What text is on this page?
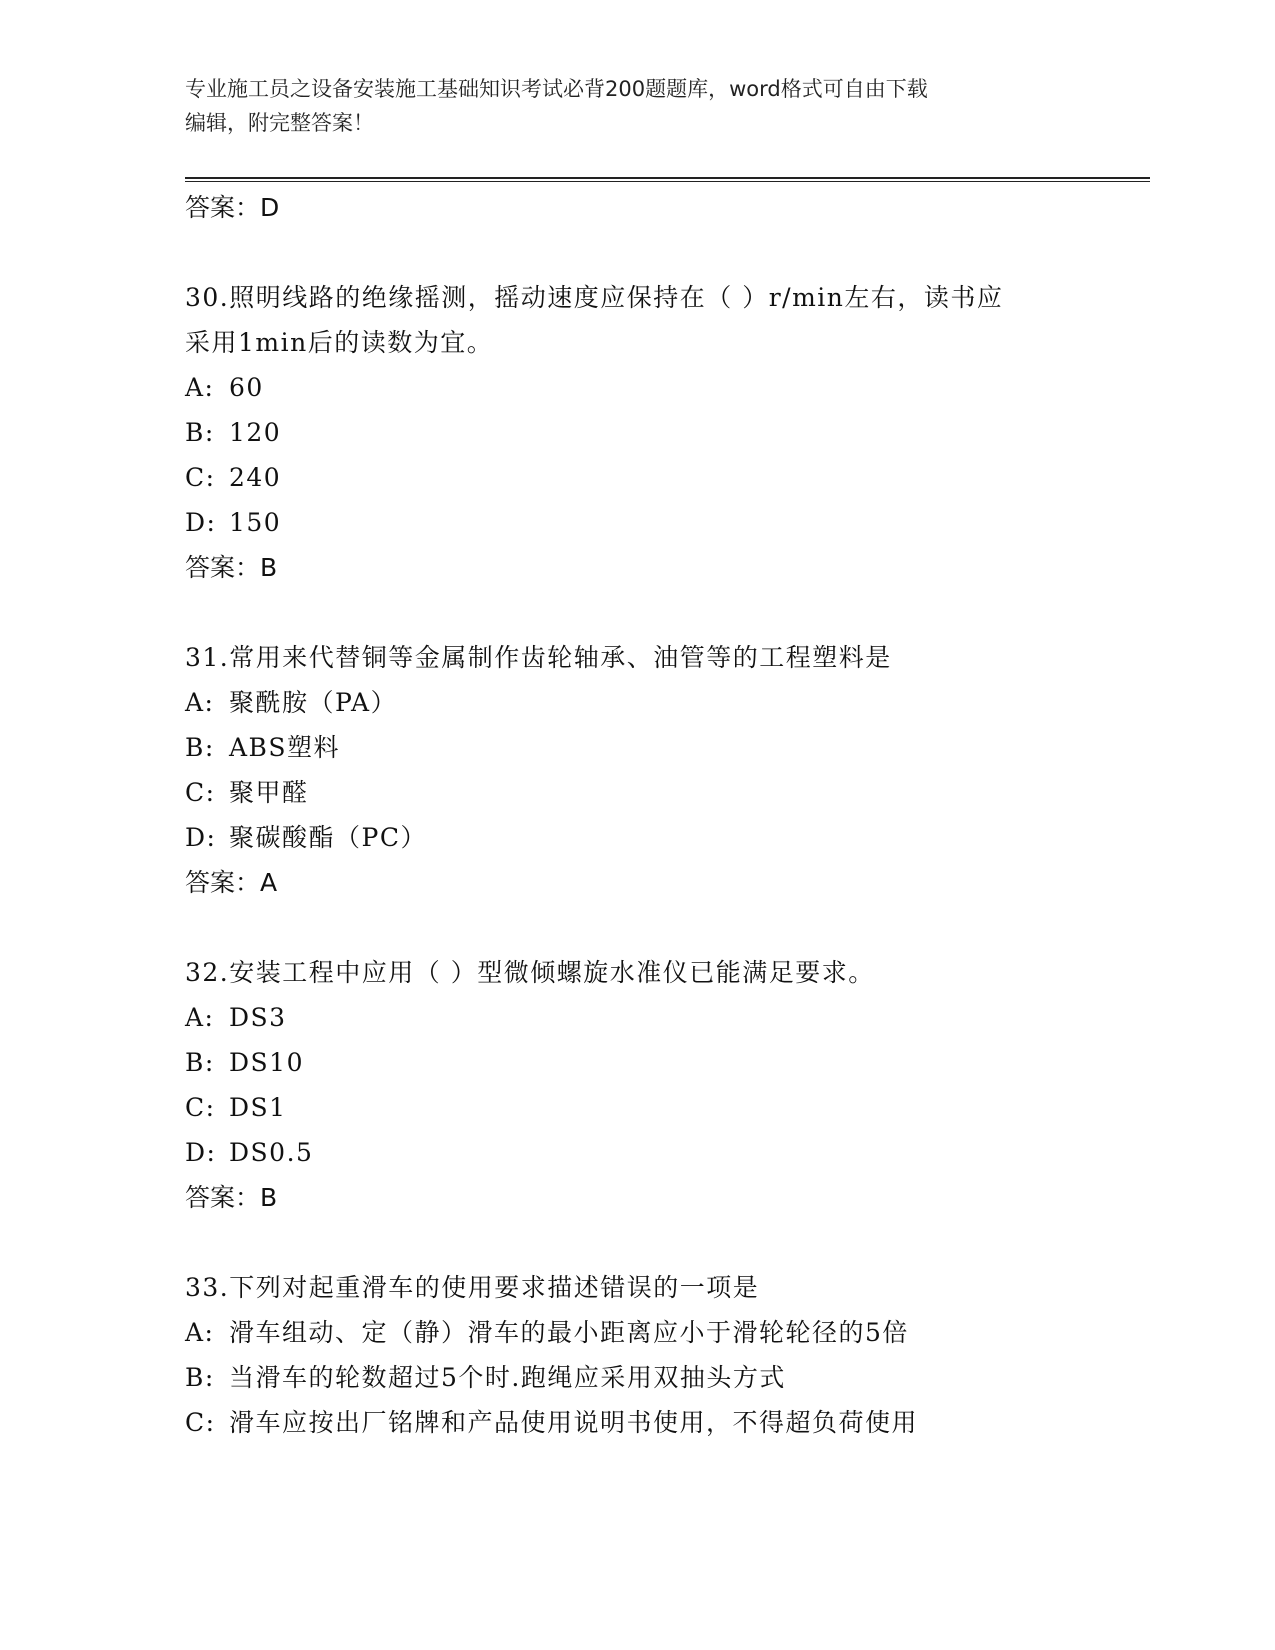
专业施工员之设备安装施工基础知识考试必背200题题库，word格式可自由下载
编辑，附完整答案！
答案：D
30.照明线路的绝缘摇测，摇动速度应保持在（ ）r/min左右，读书应
采用1min后的读数为宜。
A: 60
B: 120
C: 240
D: 150
答案：B
31.常用来代替铜等金属制作齿轮轴承、油管等的工程塑料是
A: 聚酰胺（PA）
B: ABS塑料
C: 聚甲醛
D: 聚碳酸酯（PC）
答案：A
32.安装工程中应用（ ）型微倾螺旋水准仪已能满足要求。
A: DS3
B: DS10
C: DS1
D: DS0.5
答案：B
33.下列对起重滑车的使用要求描述错误的一项是
A: 滑车组动、定（静）滑车的最小距离应小于滑轮轮径的5倍
B: 当滑车的轮数超过5个时.跑绳应采用双抽头方式
C: 滑车应按出厂铭牌和产品使用说明书使用，不得超负荷使用
